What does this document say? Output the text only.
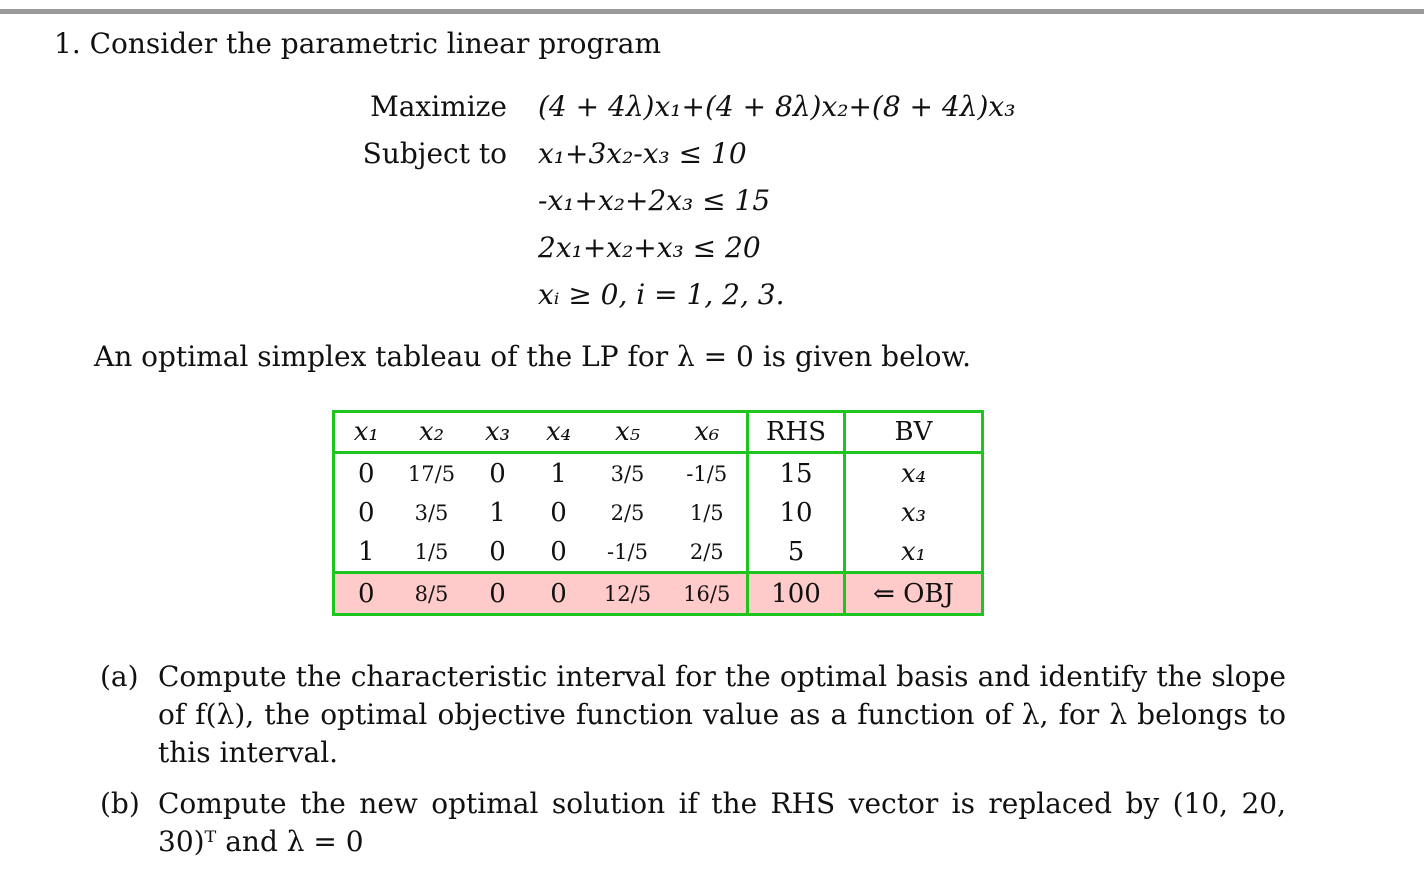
1. Consider the parametric linear program
Maximize (4 + 4λ)x₁+(4 + 8λ)x₂+(8 + 4λ)x₃
Subject to x₁+3x₂-x₃ ≤ 10
-x₁+x₂+2x₃ ≤ 15
2x₁+x₂+x₃ ≤ 20
xᵢ ≥ 0, i = 1, 2, 3.
An optimal simplex tableau of the LP for λ = 0 is given below.
x₁	x₂	x₃	x₄	x₅	x₆	RHS	BV
0	17/5	0	1	3/5	-1/5	15	x₄
0	3/5	1	0	2/5	1/5	10	x₃
1	1/5	0	0	-1/5	2/5	5	x₁
0	8/5	0	0	12/5	16/5	100	⇐ OBJ
(a) Compute the characteristic interval for the optimal basis and identify the slope of f(λ), the optimal objective function value as a function of λ, for λ belongs to this interval.
(b) Compute the new optimal solution if the RHS vector is replaced by (10, 20, 30)ᵀ and λ = 0
